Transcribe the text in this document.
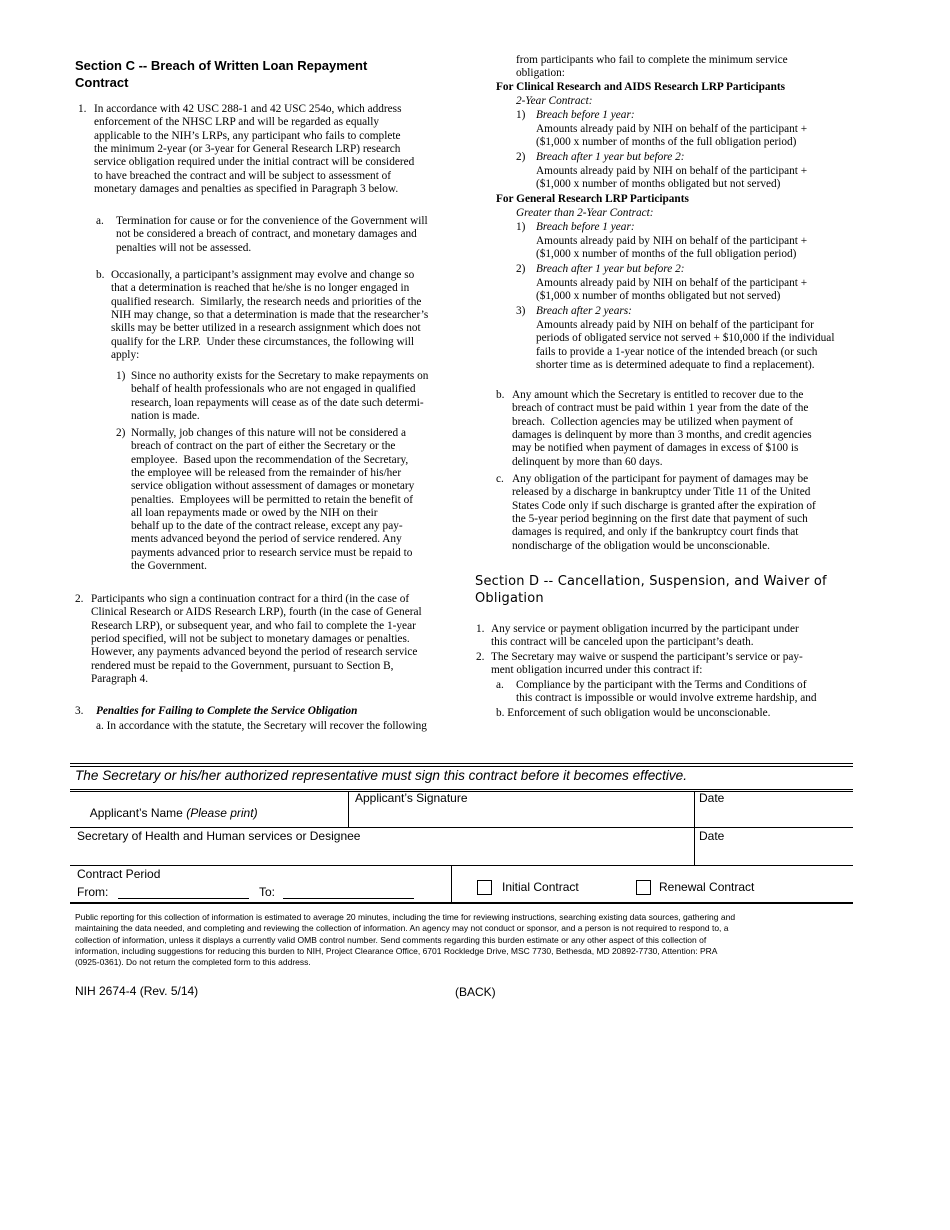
Section C -- Breach of Written Loan Repayment
Contract
1. In accordance with 42 USC 288-1 and 42 USC 254o, which address
enforcement of the NHSC LRP and will be regarded as equally
applicable to the NIH’s LRPs, any participant who fails to complete
the minimum 2-year (or 3-year for General Research LRP) research
service obligation required under the initial contract will be considered
to have breached the contract and will be subject to assessment of
monetary damages and penalties as specified in Paragraph 3 below.
a. Termination for cause or for the convenience of the Government will
not be considered a breach of contract, and monetary damages and
penalties will not be assessed.
b. Occasionally, a participant’s assignment may evolve and change so
that a determination is reached that he/she is no longer engaged in
qualified research.  Similarly, the research needs and priorities of the
NIH may change, so that a determination is made that the researcher’s
skills may be better utilized in a research assignment which does not
qualify for the LRP.  Under these circumstances, the following will
apply:
1) Since no authority exists for the Secretary to make repayments on
behalf of health professionals who are not engaged in qualified
research, loan repayments will cease as of the date such determi-
nation is made.
2) Normally, job changes of this nature will not be considered a
breach of contract on the part of either the Secretary or the
employee.  Based upon the recommendation of the Secretary,
the employee will be released from the remainder of his/her
service obligation without assessment of damages or monetary
penalties.  Employees will be permitted to retain the benefit of
all loan repayments made or owed by the NIH on their
behalf up to the date of the contract release, except any pay-
ments advanced beyond the period of service rendered. Any
payments advanced prior to research service must be repaid to
the Government.
2. Participants who sign a continuation contract for a third (in the case of
Clinical Research or AIDS Research LRP), fourth (in the case of General
Research LRP), or subsequent year, and who fail to complete the 1-year
period specified, will not be subject to monetary damages or penalties.
However, any payments advanced beyond the period of research service
rendered must be repaid to the Government, pursuant to Section B,
Paragraph 4.
3. Penalties for Failing to Complete the Service Obligation
a. In accordance with the statute, the Secretary will recover the following
from participants who fail to complete the minimum service
obligation:
For Clinical Research and AIDS Research LRP Participants
2-Year Contract:
1) Breach before 1 year:
Amounts already paid by NIH on behalf of the participant +
($1,000 x number of months of the full obligation period)
2) Breach after 1 year but before 2:
Amounts already paid by NIH on behalf of the participant +
($1,000 x number of months obligated but not served)
For General Research LRP Participants
Greater than 2-Year Contract:
1) Breach before 1 year:
Amounts already paid by NIH on behalf of the participant +
($1,000 x number of months of the full obligation period)
2) Breach after 1 year but before 2:
Amounts already paid by NIH on behalf of the participant +
($1,000 x number of months obligated but not served)
3) Breach after 2 years:
Amounts already paid by NIH on behalf of the participant for
periods of obligated service not served + $10,000 if the individual
fails to provide a 1-year notice of the intended breach (or such
shorter time as is determined adequate to find a replacement).
b. Any amount which the Secretary is entitled to recover due to the
breach of contract must be paid within 1 year from the date of the
breach.  Collection agencies may be utilized when payment of
damages is delinquent by more than 3 months, and credit agencies
may be notified when payment of damages in excess of $100 is
delinquent by more than 60 days.
c. Any obligation of the participant for payment of damages may be
released by a discharge in bankruptcy under Title 11 of the United
States Code only if such discharge is granted after the expiration of
the 5-year period beginning on the first date that payment of such
damages is required, and only if the bankruptcy court finds that
nondischarge of the obligation would be unconscionable.
Section D -- Cancellation, Suspension, and Waiver of
Obligation
1. Any service or payment obligation incurred by the participant under
this contract will be canceled upon the participant’s death.
2. The Secretary may waive or suspend the participant’s service or pay-
ment obligation incurred under this contract if:
a. Compliance by the participant with the Terms and Conditions of
this contract is impossible or would involve extreme hardship, and
b. Enforcement of such obligation would be unconscionable.
The Secretary or his/her authorized representative must sign this contract before it becomes effective.

Applicant’s Name (Please print)

Applicant’s Signature	Date
Secretary of Health and Human services or Designee	Date
Contract Period
From:	To:	Initial Contract	Renewal Contract
Public reporting for this collection of information is estimated to average 20 minutes, including the time for reviewing instructions, searching existing data sources, gathering and
maintaining the data needed, and completing and reviewing the collection of information. An agency may not conduct or sponsor, and a person is not required to respond to, a
collection of information, unless it displays a currently valid OMB control number. Send comments regarding this burden estimate or any other aspect of this collection of
information, including suggestions for reducing this burden to NIH, Project Clearance Office, 6701 Rockledge Drive, MSC 7730, Bethesda, MD 20892-7730, Attention: PRA
(0925-0361). Do not return the completed form to this address.
NIH 2674-4 (Rev. 5/14)	(BACK)
